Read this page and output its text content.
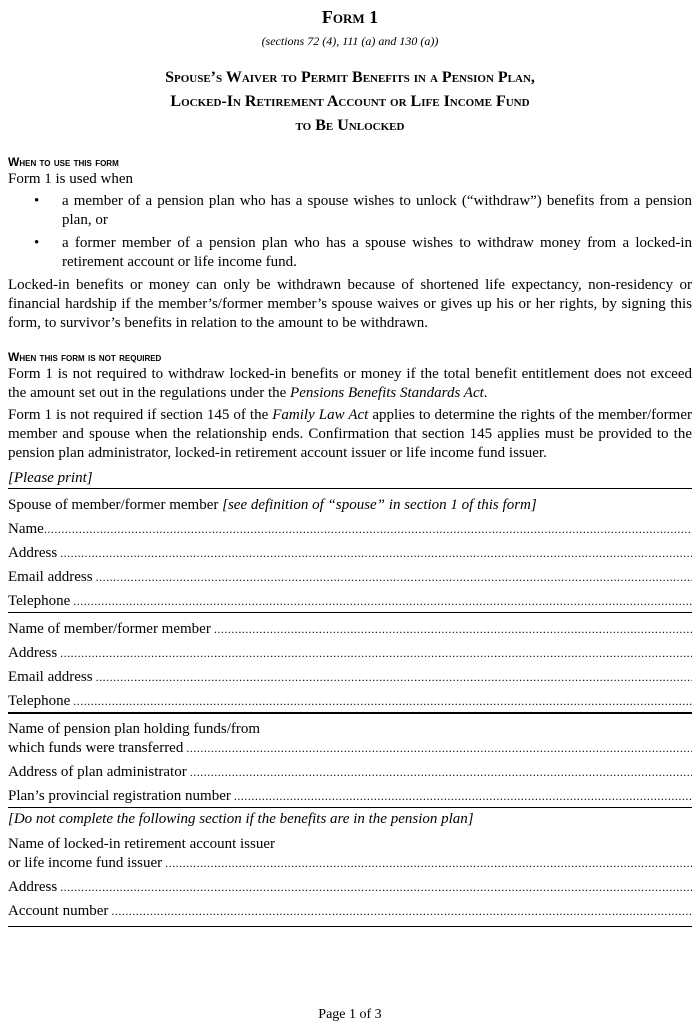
Form 1
(sections 72 (4), 111 (a) and 130 (a))
Spouse’s Waiver to Permit Benefits in a Pension Plan,
Locked-In Retirement Account or Life Income Fund
to Be Unlocked
When to use this form

Form 1 is used when

• a member of a pension plan who has a spouse wishes to unlock (“withdraw”) benefits from a pension plan, or
• a former member of a pension plan who has a spouse wishes to withdraw money from a locked-in retirement account or life income fund.

Locked-in benefits or money can only be withdrawn because of shortened life expectancy, non-residency or financial hardship if the member’s/former member’s spouse waives or gives up his or her rights, by signing this form, to survivor’s benefits in relation to the amount to be withdrawn.

When this form is not required

Form 1 is not required to withdraw locked-in benefits or money if the total benefit entitlement does not exceed the amount set out in the regulations under the Pensions Benefits Standards Act.

Form 1 is not required if section 145 of the Family Law Act applies to determine the rights of the member/former member and spouse when the relationship ends. Confirmation that section 145 applies must be provided to the pension plan administrator, locked-in retirement account issuer or life income fund issuer.

[Please print]
Spouse of member/former member
[see definition of “spouse” in section 1 of this form]
Name
.....
Address
.....
Email address
.....
Telephone
.....
Name of member/former member
.....
Address
.....
Email address
.....
Telephone
.....
Name of pension plan holding funds/from
which funds were transferred
.....
Address of plan administrator
.....
Plan’s provincial registration number
.....
[Do not complete the following section if the benefits are in the pension plan]
Name of locked-in retirement account issuer
or life income fund issuer
.....
Address
.....
Account number
.....
Page 1 of 3
